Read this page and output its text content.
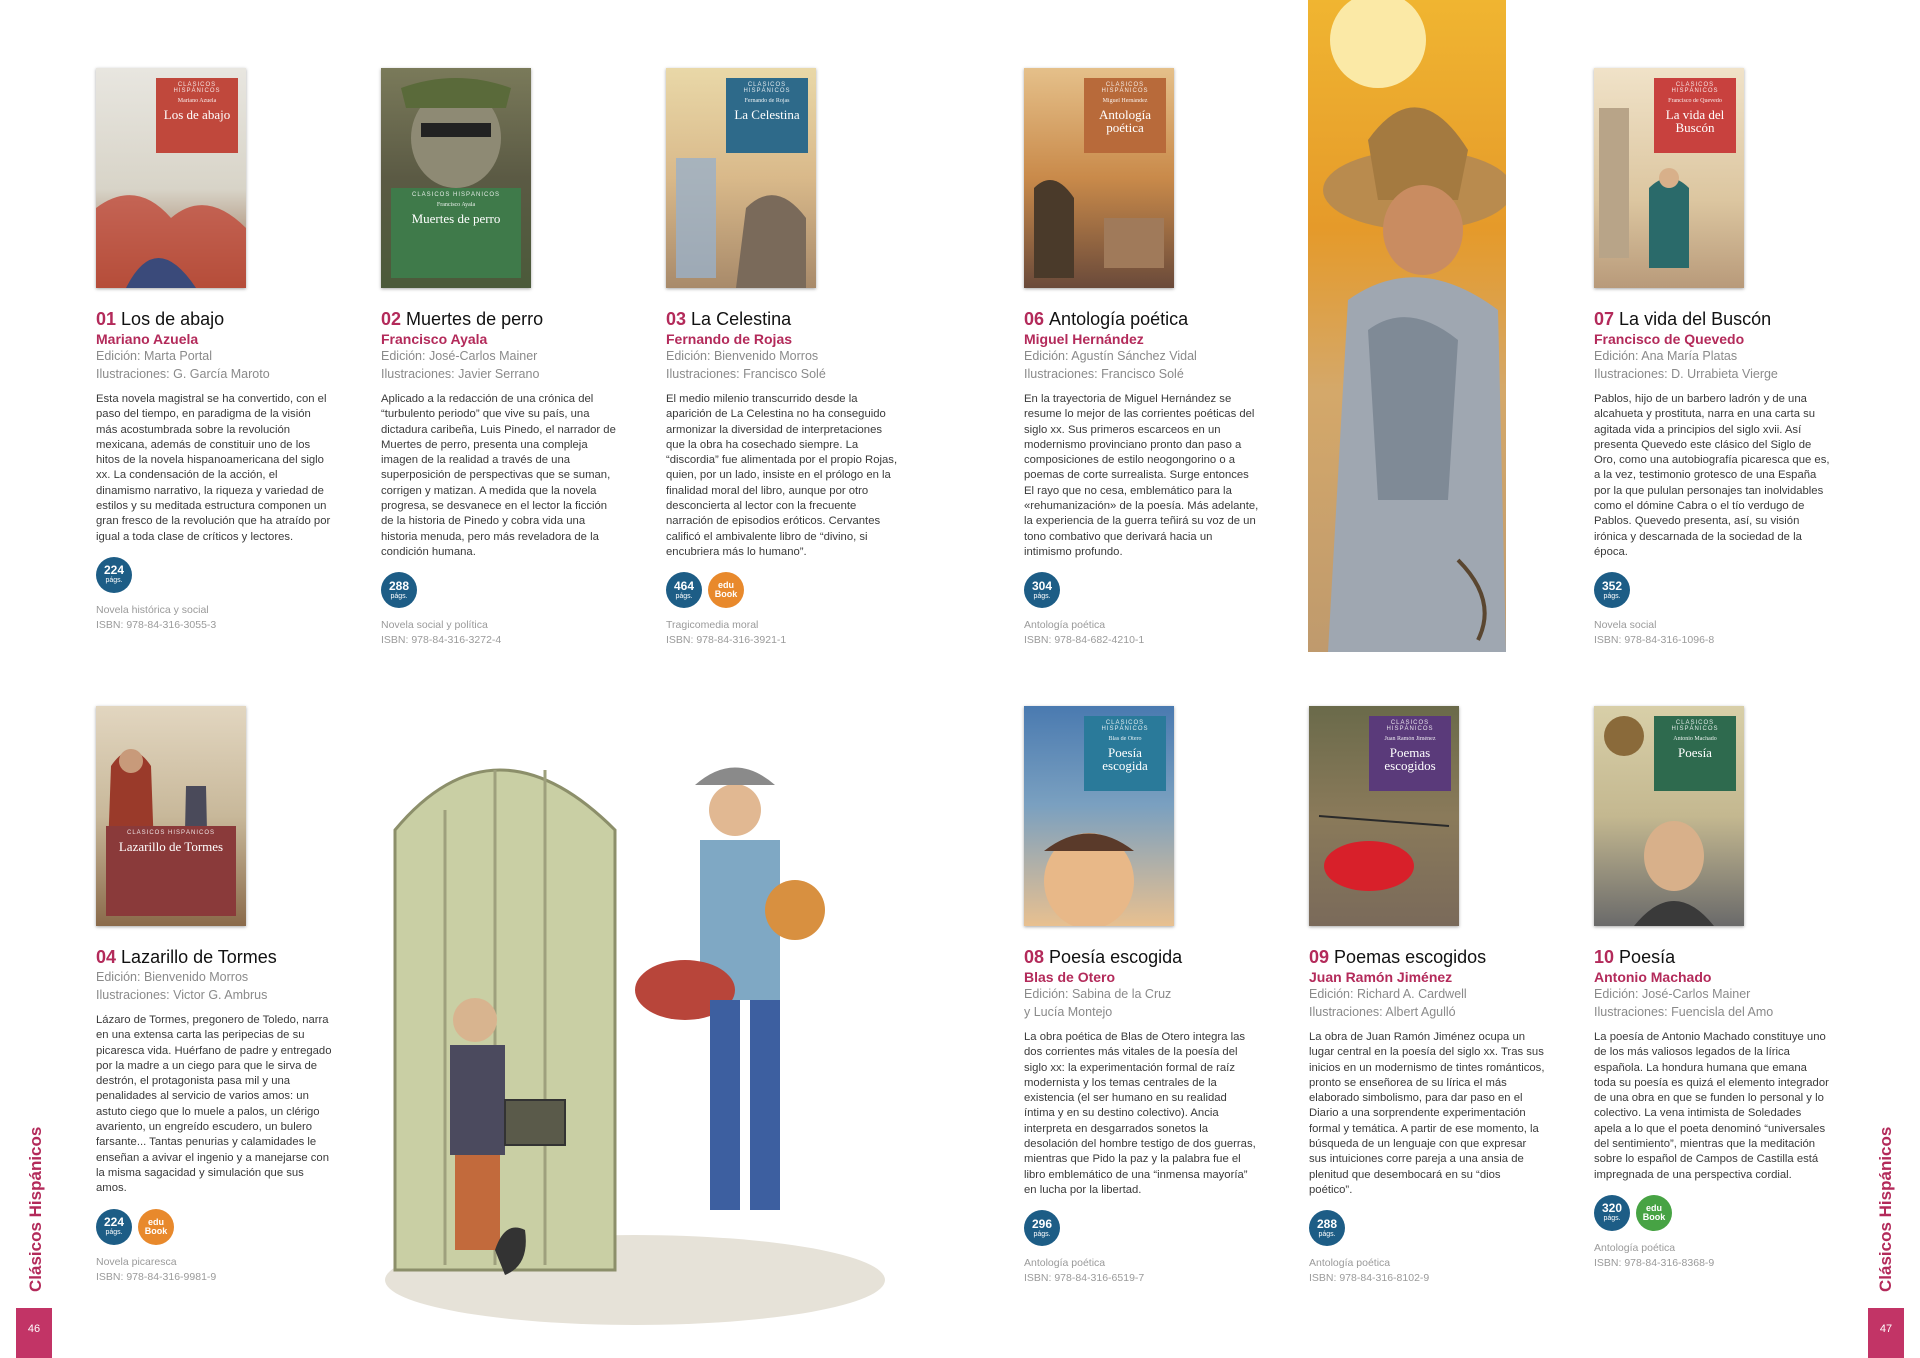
Clásicos Hispánicos
46
Clásicos Hispánicos
47
CLÁSICOS HISPÁNICOS
Mariano Azuela
Los de abajo
01 Los de abajo
Mariano Azuela
Edición: Marta Portal
Ilustraciones: G. García Maroto
Esta novela magistral se ha convertido, con el paso del tiempo, en paradigma de la visión más acostumbrada sobre la revolución mexicana, además de constituir uno de los hitos de la novela hispanoamericana del siglo xx. La condensación de la acción, el dinamismo narrativo, la riqueza y variedad de estilos y su meditada estructura componen un gran fresco de la revolución que ha atraído por igual a toda clase de críticos y lectores.
224
págs.
Novela histórica y social
ISBN: 978-84-316-3055-3
CLÁSICOS HISPÁNICOS
Francisco Ayala
Muertes de perro
02 Muertes de perro
Francisco Ayala
Edición: José-Carlos Mainer
Ilustraciones: Javier Serrano
Aplicado a la redacción de una crónica del “turbulento periodo” que vive su país, una dictadura caribeña, Luis Pinedo, el narrador de Muertes de perro, presenta una compleja imagen de la realidad a través de una superposición de perspectivas que se suman, corrigen y matizan. A medida que la novela progresa, se desvanece en el lector la ficción de la historia de Pinedo y cobra vida una historia menuda, pero más reveladora de la condición humana.
288
págs.
Novela social y política
ISBN: 978-84-316-3272-4
CLÁSICOS HISPÁNICOS
Fernando de Rojas
La Celestina
03 La Celestina
Fernando de Rojas
Edición: Bienvenido Morros
Ilustraciones: Francisco Solé
El medio milenio transcurrido desde la aparición de La Celestina no ha conseguido armonizar la diversidad de interpretaciones que la obra ha cosechado siempre. La “discordia” fue alimentada por el propio Rojas, quien, por un lado, insiste en el prólogo en la finalidad moral del libro, aunque por otro desconcierta al lector con la frecuente narración de episodios eróticos. Cervantes calificó el ambivalente libro de “divino, si encubriera más lo humano”.
464
págs.
edu
Book
Tragicomedia moral
ISBN: 978-84-316-3921-1
CLÁSICOS HISPÁNICOS
Miguel Hernández
Antología poética
06 Antología poética
Miguel Hernández
Edición: Agustín Sánchez Vidal
Ilustraciones: Francisco Solé
En la trayectoria de Miguel Hernández se resume lo mejor de las corrientes poéticas del siglo xx. Sus primeros escarceos en un modernismo provinciano pronto dan paso a composiciones de estilo neogongorino o a poemas de corte surrealista. Surge entonces El rayo que no cesa, emblemático para la «rehumanización» de la poesía. Más adelante, la experiencia de la guerra teñirá su voz de un tono combativo que derivará hacia un intimismo profundo.
304
págs.
Antología poética
ISBN: 978-84-682-4210-1
CLÁSICOS HISPÁNICOS
Francisco de Quevedo
La vida del Buscón
07 La vida del Buscón
Francisco de Quevedo
Edición: Ana María Platas
Ilustraciones: D. Urrabieta Vierge
Pablos, hijo de un barbero ladrón y de una alcahueta y prostituta, narra en una carta su agitada vida a principios del siglo xvii. Así presenta Quevedo este clásico del Siglo de Oro, como una autobiografía picaresca que es, a la vez, testimonio grotesco de una España por la que pululan personajes tan inolvidables como el dómine Cabra o el tío verdugo de Pablos. Quevedo presenta, así, su visión irónica y descarnada de la sociedad de la época.
352
págs.
Novela social
ISBN: 978-84-316-1096-8
CLÁSICOS HISPÁNICOS
Lazarillo de Tormes
04 Lazarillo de Tormes
Edición: Bienvenido Morros
Ilustraciones: Victor G. Ambrus
Lázaro de Tormes, pregonero de Toledo, narra en una extensa carta las peripecias de su picaresca vida. Huérfano de padre y entregado por la madre a un ciego para que le sirva de destrón, el protagonista pasa mil y una penalidades al servicio de varios amos: un astuto ciego que lo muele a palos, un clérigo avariento, un engreído escudero, un bulero farsante... Tantas penurias y calamidades le enseñan a avivar el ingenio y a manejarse con la misma sagacidad y simulación que sus amos.
224
págs.
edu
Book
Novela picaresca
ISBN: 978-84-316-9981-9
CLÁSICOS HISPÁNICOS
Blas de Otero
Poesía escogida
08 Poesía escogida
Blas de Otero
Edición: Sabina de la Cruz
y Lucía Montejo
La obra poética de Blas de Otero integra las dos corrientes más vitales de la poesía del siglo xx: la experimentación formal de raíz modernista y los temas centrales de la existencia (el ser humano en su realidad íntima y en su destino colectivo). Ancia interpreta en desgarrados sonetos la desolación del hombre testigo de dos guerras, mientras que Pido la paz y la palabra fue el libro emblemático de una “inmensa mayoría” en lucha por la libertad.
296
págs.
Antología poética
ISBN: 978-84-316-6519-7
CLÁSICOS HISPÁNICOS
Juan Ramón Jiménez
Poemas escogidos
09 Poemas escogidos
Juan Ramón Jiménez
Edición: Richard A. Cardwell
Ilustraciones: Albert Agulló
La obra de Juan Ramón Jiménez ocupa un lugar central en la poesía del siglo xx. Tras sus inicios en un modernismo de tintes románticos, pronto se enseñorea de su lírica el más elaborado simbolismo, para dar paso en el Diario a una sorprendente experimentación formal y temática. A partir de ese momento, la búsqueda de un lenguaje con que expresar sus intuiciones corre pareja a una ansia de plenitud que desembocará en su “dios poético”.
288
págs.
Antología poética
ISBN: 978-84-316-8102-9
CLÁSICOS HISPÁNICOS
Antonio Machado
Poesía
10 Poesía
Antonio Machado
Edición: José-Carlos Mainer
Ilustraciones: Fuencisla del Amo
La poesía de Antonio Machado constituye uno de los más valiosos legados de la lírica española. La hondura humana que emana toda su poesía es quizá el elemento integrador de una obra en que se funden lo personal y lo colectivo. La vena intimista de Soledades apela a lo que el poeta denominó “universales del sentimiento”, mientras que la meditación sobre lo español de Campos de Castilla está impregnada de una perspectiva cordial.
320
págs.
edu
Book
Antología poética
ISBN: 978-84-316-8368-9
